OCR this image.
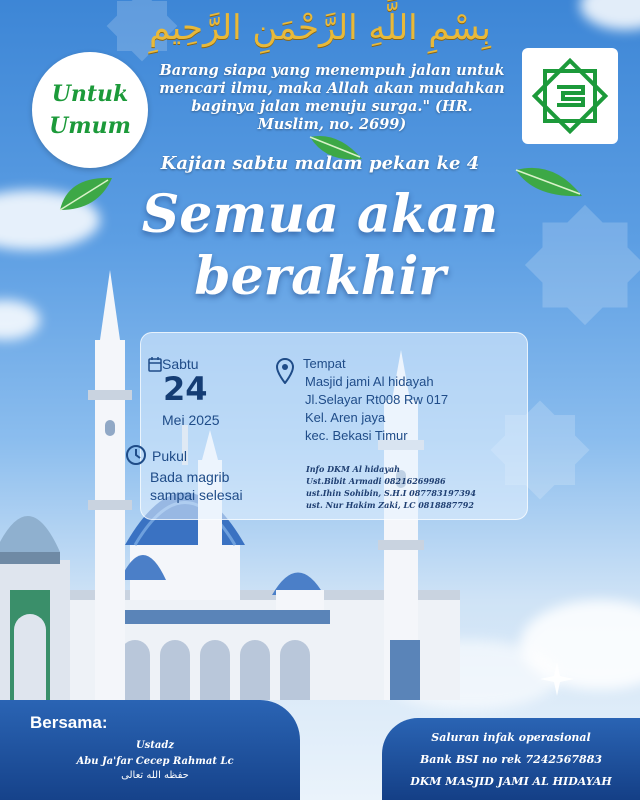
بِسْمِ اللَّهِ الرَّحْمَنِ الرَّحِيمِ
Untuk
Umum
Barang siapa yang menempuh jalan untuk mencari ilmu, maka Allah akan mudahkan baginya jalan menuju surga." (HR. Muslim, no. 2699)
Kajian sabtu malam pekan ke 4
Semua akan
berakhir
Sabtu
24
Mei 2025
Pukul
Bada magrib
sampai selesai
Tempat
Masjid jami Al hidayah
Jl.Selayar Rt008 Rw 017
Kel. Aren jaya
kec. Bekasi Timur
Info DKM Al hidayah
Ust.Bibit Armadi 08216269986
ust.Ihin Sohibin, S.H.I 087783197394
ust. Nur Hakim Zaki, LC 0818887792
Bersama:
Ustadz
Abu Ja'far Cecep Rahmat Lc
حفظه الله تعالى
Saluran infak operasional
Bank BSI no rek 7242567883
DKM MASJID JAMI AL HIDAYAH
